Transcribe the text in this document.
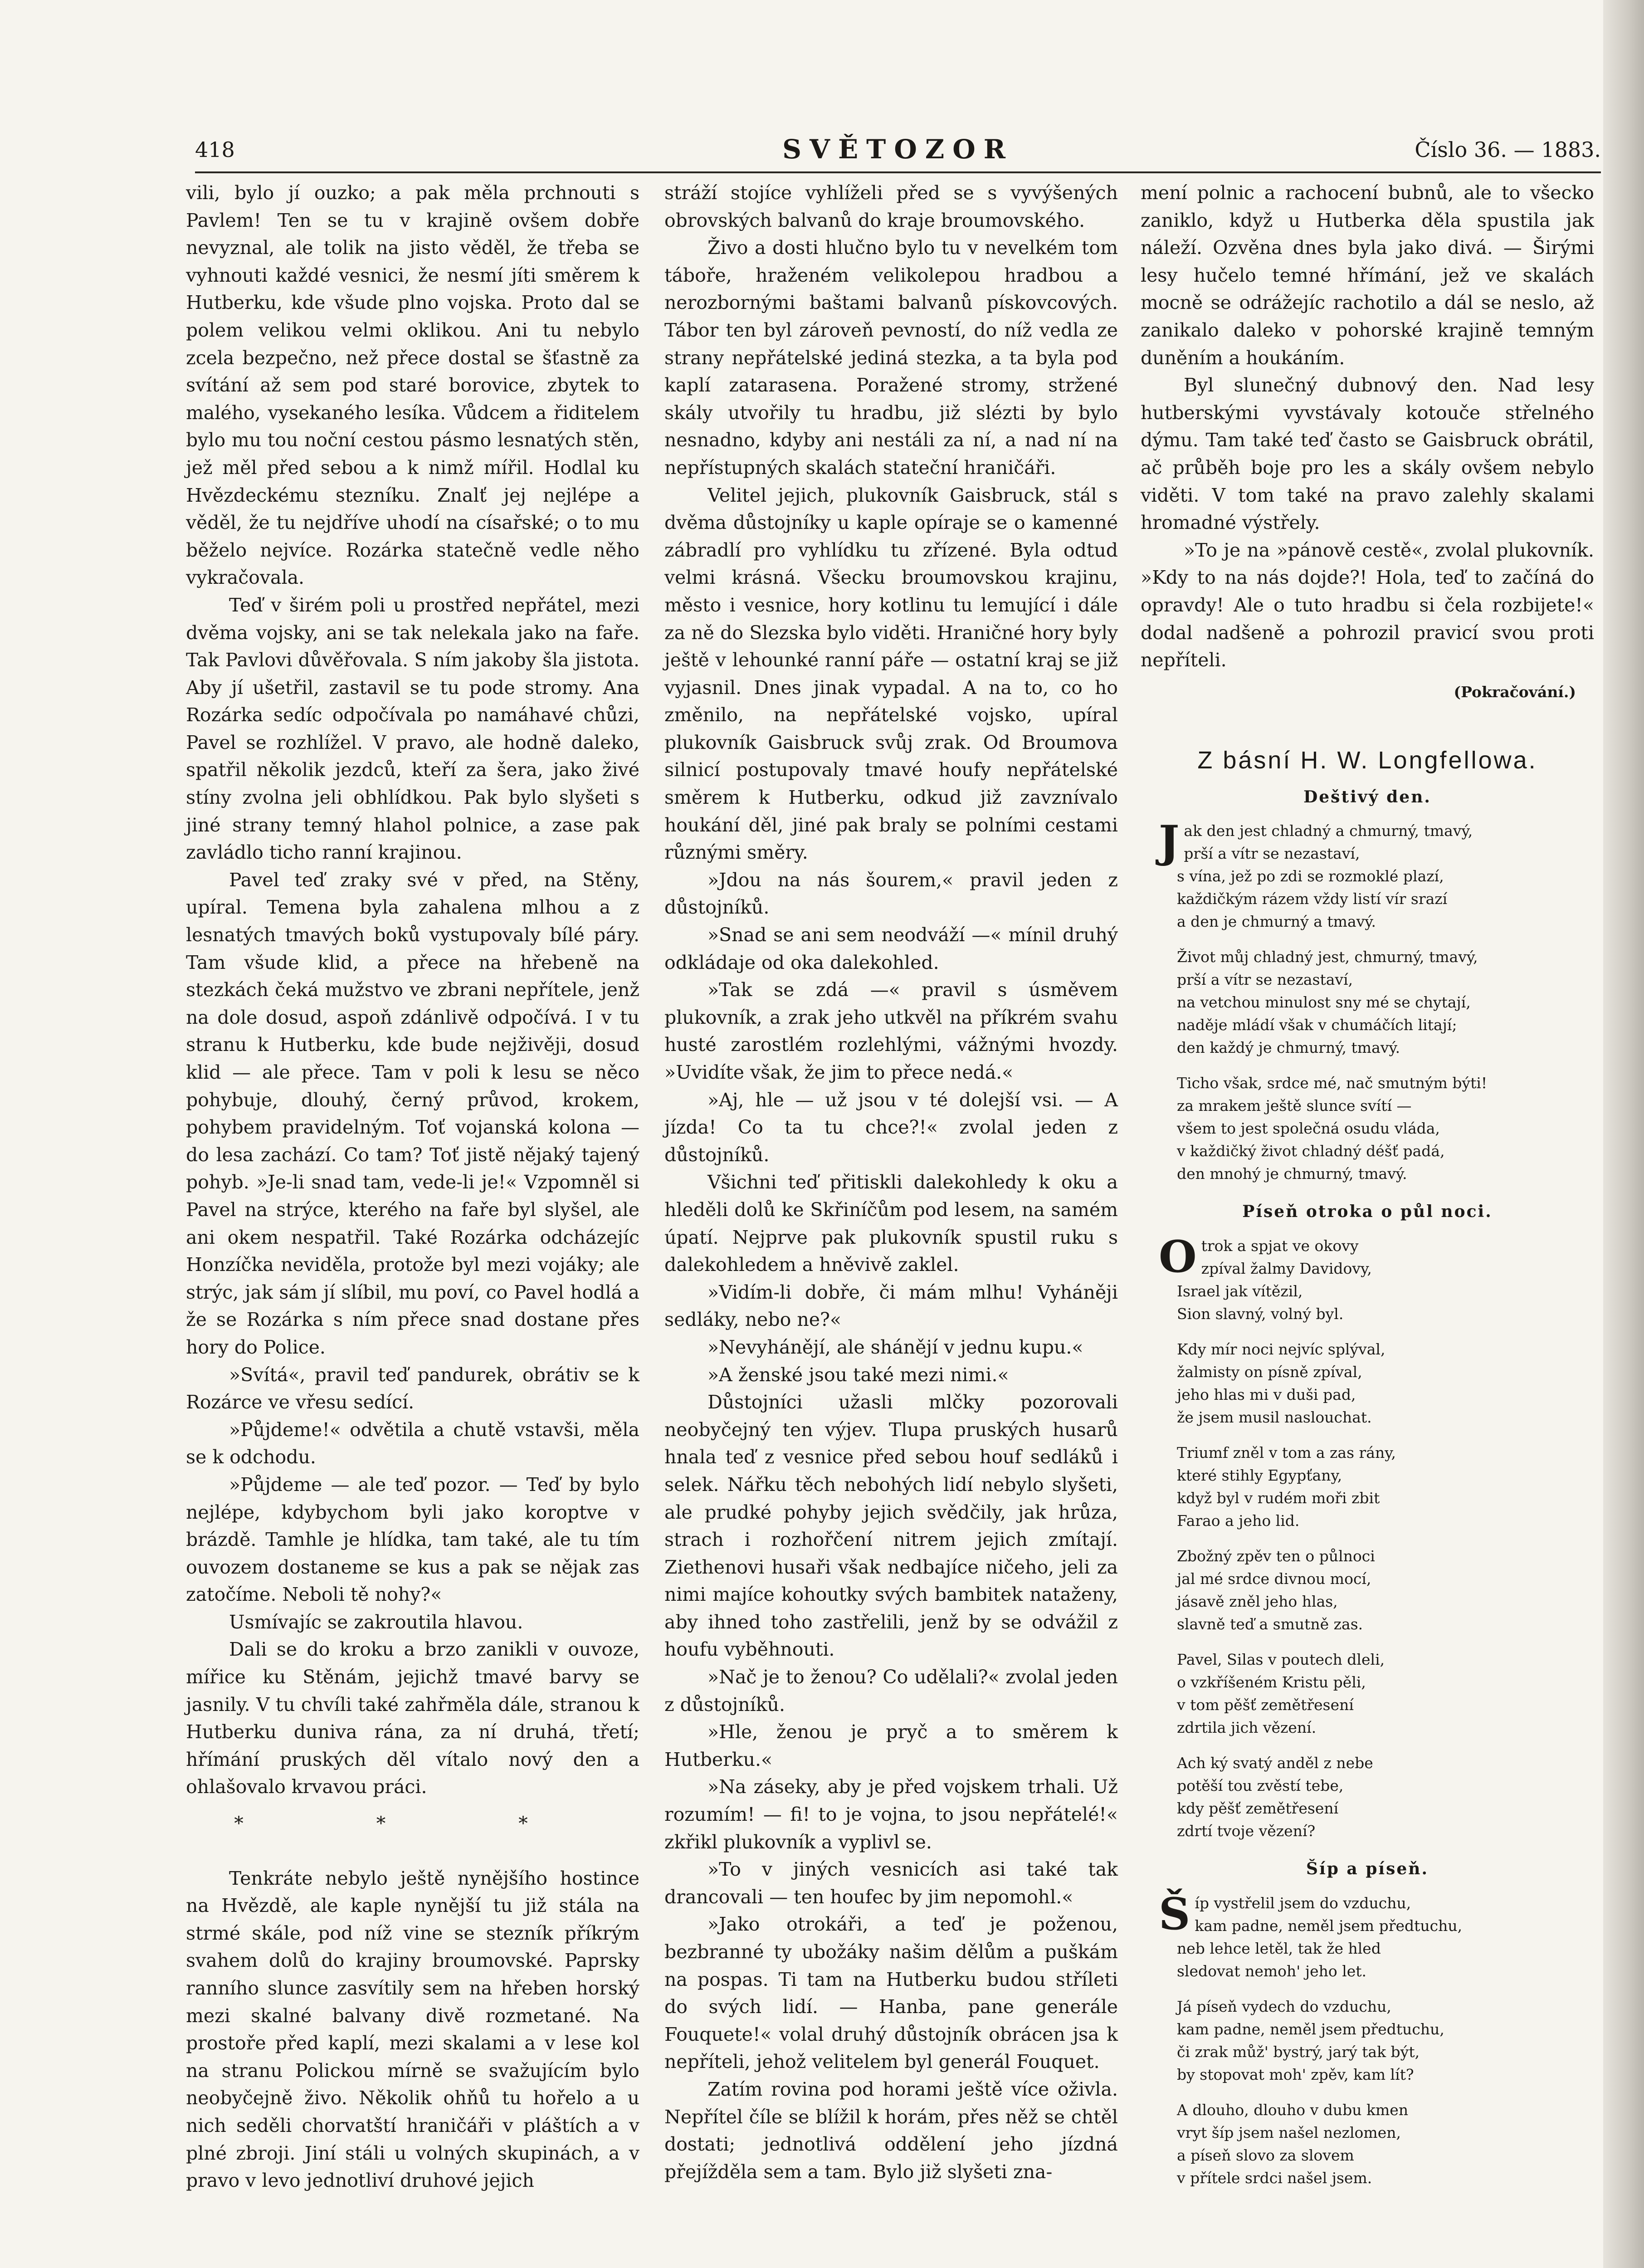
418	SVĚTOZOR	Číslo 36. — 1883.

vili, bylo jí ouzko; a pak měla prchnouti s Pavlem! Ten se tu v krajině ovšem dobře nevyznal, ale tolik na jisto věděl, že třeba se vyhnouti každé vesnici, že nesmí jíti směrem k Hutberku, kde všude plno vojska. Proto dal se polem velikou velmi oklikou. Ani tu nebylo zcela bezpečno, než přece dostal se šťastně za svítání až sem pod staré borovice, zbytek to malého, vysekaného lesíka. Vůdcem a řiditelem bylo mu tou noční cestou pásmo lesnatých stěn, jež měl před sebou a k nimž mířil. Hodlal ku Hvězdeckému stezníku. Znalť jej nejlépe a věděl, že tu nejdříve uhodí na císařské; o to mu běželo nejvíce. Rozárka statečně vedle něho vykračovala.

Teď v širém poli u prostřed nepřátel, mezi dvěma vojsky, ani se tak nelekala jako na faře. Tak Pavlovi důvěřovala. S ním jakoby šla jistota. Aby jí ušetřil, zastavil se tu pode stromy. Ana Rozárka sedíc odpočívala po namáhavé chůzi, Pavel se rozhlížel. V pravo, ale hodně daleko, spatřil několik jezdců, kteří za šera, jako živé stíny zvolna jeli obhlídkou. Pak bylo slyšeti s jiné strany temný hlahol polnice, a zase pak zavládlo ticho ranní krajinou.

Pavel teď zraky své v před, na Stěny, upíral. Temena byla zahalena mlhou a z lesnatých tmavých boků vystupovaly bílé páry. Tam všude klid, a přece na hřebeně na stezkách čeká mužstvo ve zbrani nepřítele, jenž na dole dosud, aspoň zdánlivě odpočívá. I v tu stranu k Hutberku, kde bude nejživěji, dosud klid — ale přece. Tam v poli k lesu se něco pohybuje, dlouhý, černý průvod, krokem, pohybem pravidelným. Toť vojanská kolona — do lesa zachází. Co tam? Toť jistě nějaký tajený pohyb. »Je-li snad tam, vede-li je!« Vzpomněl si Pavel na strýce, kterého na faře byl slyšel, ale ani okem nespatřil. Také Rozárka odcházejíc Honzíčka neviděla, protože byl mezi vojáky; ale strýc, jak sám jí slíbil, mu poví, co Pavel hodlá a že se Rozárka s ním přece snad dostane přes hory do Police.

»Svítá«, pravil teď pandurek, obrátiv se k Rozárce ve vřesu sedící.

»Půjdeme!« odvětila a chutě vstavši, měla se k odchodu.

»Půjdeme — ale teď pozor. — Teď by bylo nejlépe, kdybychom byli jako koroptve v brázdě. Tamhle je hlídka, tam také, ale tu tím ouvozem dostaneme se kus a pak se nějak zas zatočíme. Neboli tě nohy?«

Usmívajíc se zakroutila hlavou.

Dali se do kroku a brzo zanikli v ouvoze, mířice ku Stěnám, jejichž tmavé barvy se jasnily. V tu chvíli také zahřměla dále, stranou k Hutberku duniva rána, za ní druhá, třetí; hřímání pruských děl vítalo nový den a ohlašovalo krvavou práci.

* * *

Tenkráte nebylo ještě nynějšího hostince na Hvězdě, ale kaple nynější tu již stála na strmé skále, pod níž vine se stezník příkrým svahem dolů do krajiny broumovské. Paprsky ranního slunce zasvítily sem na hřeben horský mezi skalné balvany divě rozmetané. Na prostoře před kaplí, mezi skalami a v lese kol na stranu Polickou mírně se svažujícím bylo neobyčejně živo. Několik ohňů tu hořelo a u nich seděli chorvatští hraničáři v pláštích a v plné zbroji. Jiní stáli u volných skupinách, a v pravo v levo jednotliví druhové jejich

stráží stojíce vyhlíželi před se s vyvýšených obrovských balvanů do kraje broumovského.

Živo a dosti hlučno bylo tu v nevelkém tom táboře, hraženém velikolepou hradbou a nerozbornými baštami balvanů pískovcových. Tábor ten byl zároveň pevností, do níž vedla ze strany nepřátelské jediná stezka, a ta byla pod kaplí zatarasena. Poražené stromy, stržené skály utvořily tu hradbu, již slézti by bylo nesnadno, kdyby ani nestáli za ní, a nad ní na nepřístupných skalách stateční hraničáři.

Velitel jejich, plukovník Gaisbruck, stál s dvěma důstojníky u kaple opíraje se o kamenné zábradlí pro vyhlídku tu zřízené. Byla odtud velmi krásná. Všecku broumovskou krajinu, město i vesnice, hory kotlinu tu lemující i dále za ně do Slezska bylo viděti. Hraničné hory byly ještě v lehounké ranní páře — ostatní kraj se již vyjasnil. Dnes jinak vypadal. A na to, co ho změnilo, na nepřátelské vojsko, upíral plukovník Gaisbruck svůj zrak. Od Broumova silnicí postupovaly tmavé houfy nepřátelské směrem k Hutberku, odkud již zavznívalo houkání děl, jiné pak braly se polními cestami různými směry.

»Jdou na nás šourem,« pravil jeden z důstojníků.

»Snad se ani sem neodváží —« mínil druhý odkládaje od oka dalekohled.

»Tak se zdá —« pravil s úsměvem plukovník, a zrak jeho utkvěl na příkrém svahu husté zarostlém rozlehlými, vážnými hvozdy. »Uvidíte však, že jim to přece nedá.«

»Aj, hle — už jsou v té dolejší vsi. — A jízda! Co ta tu chce?!« zvolal jeden z důstojníků.

Všichni teď přitiskli dalekohledy k oku a hleděli dolů ke Skřiníčům pod lesem, na samém úpatí. Nejprve pak plukovník spustil ruku s dalekohledem a hněvivě zaklel.

»Vidím-li dobře, či mám mlhu! Vyháněji sedláky, nebo ne?«

»Nevyhánějí, ale shánějí v jednu kupu.«

»A ženské jsou také mezi nimi.«

Důstojníci užasli mlčky pozorovali neobyčejný ten výjev. Tlupa pruských husarů hnala teď z vesnice před sebou houf sedláků i selek. Nářku těch nebohých lidí nebylo slyšeti, ale prudké pohyby jejich svědčily, jak hrůza, strach i rozhořčení nitrem jejich zmítají. Ziethenovi husaři však nedbajíce ničeho, jeli za nimi majíce kohoutky svých bambitek nataženy, aby ihned toho zastřelili, jenž by se odvážil z houfu vyběhnouti.

»Nač je to ženou? Co udělali?« zvolal jeden z důstojníků.

»Hle, ženou je pryč a to směrem k Hutberku.«

»Na záseky, aby je před vojskem trhali. Už rozumím! — fi! to je vojna, to jsou nepřátelé!« zkřikl plukovník a vyplivl se.

»To v jiných vesnicích asi také tak drancovali — ten houfec by jim nepomohl.«

»Jako otrokáři, a teď je poženou, bezbranné ty ubožáky našim dělům a puškám na pospas. Ti tam na Hutberku budou stříleti do svých lidí. — Hanba, pane generále Fouquete!« volal druhý důstojník obrácen jsa k nepříteli, jehož velitelem byl generál Fouquet.

Zatím rovina pod horami ještě více oživla. Nepřítel číle se blížil k horám, přes něž se chtěl dostati; jednotlivá oddělení jeho jízdná přejížděla sem a tam. Bylo již slyšeti zna-

mení polnic a rachocení bubnů, ale to všecko zaniklo, když u Hutberka děla spustila jak náleží. Ozvěna dnes byla jako divá. — Širými lesy hučelo temné hřímání, jež ve skalách mocně se odrážejíc rachotilo a dál se neslo, až zanikalo daleko v pohorské krajině temným duněním a houkáním.

Byl slunečný dubnový den. Nad lesy hutberskými vyvstávaly kotouče střelného dýmu. Tam také teď často se Gaisbruck obrátil, ač průběh boje pro les a skály ovšem nebylo viděti. V tom také na pravo zalehly skalami hromadné výstřely.

»To je na »pánově cestě«, zvolal plukovník. »Kdy to na nás dojde?! Hola, teď to začíná do opravdy! Ale o tuto hradbu si čela rozbijete!« dodal nadšeně a pohrozil pravicí svou proti nepříteli.

(Pokračování.)
Z básní H. W. Longfellowa.
Deštivý den.
J ak den jest chladný a chmurný, tmavý,
prší a vítr se nezastaví,
s vína, jež po zdi se rozmoklé plazí,
každičkým rázem vždy listí vír srazí
a den je chmurný a tmavý.
Život můj chladný jest, chmurný, tmavý,
prší a vítr se nezastaví,
na vetchou minulost sny mé se chytají,
naděje mládí však v chumáčích litají;
den každý je chmurný, tmavý.
Ticho však, srdce mé, nač smutným býti!
za mrakem ještě slunce svítí —
všem to jest společná osudu vláda,
v každičký život chladný déšť padá,
den mnohý je chmurný, tmavý.
Píseň otroka o půl noci.
O trok a spjat ve okovy
zpíval žalmy Davidovy,
Israel jak vítězil,
Sion slavný, volný byl.
Kdy mír noci nejvíc splýval,
žalmisty on písně zpíval,
jeho hlas mi v duši pad,
že jsem musil naslouchat.
Triumf zněl v tom a zas rány,
které stihly Egypťany,
když byl v rudém moři zbit
Farao a jeho lid.
Zbožný zpěv ten o půlnoci
jal mé srdce divnou mocí,
jásavě zněl jeho hlas,
slavně teď a smutně zas.
Pavel, Silas v poutech dleli,
o vzkříšeném Kristu pěli,
v tom pěšť zemětřesení
zdrtila jich vězení.
Ach ký svatý anděl z nebe
potěší tou zvěstí tebe,
kdy pěšť zemětřesení
zdrtí tvoje vězení?
Šíp a píseň.
Š íp vystřelil jsem do vzduchu,
kam padne, neměl jsem předtuchu,
neb lehce letěl, tak že hled
sledovat nemoh' jeho let.
Já píseň vydech do vzduchu,
kam padne, neměl jsem předtuchu,
či zrak můž' bystrý, jarý tak být,
by stopovat moh' zpěv, kam lít?
A dlouho, dlouho v dubu kmen
vryt šíp jsem našel nezlomen,
a píseň slovo za slovem
v přítele srdci našel jsem.
